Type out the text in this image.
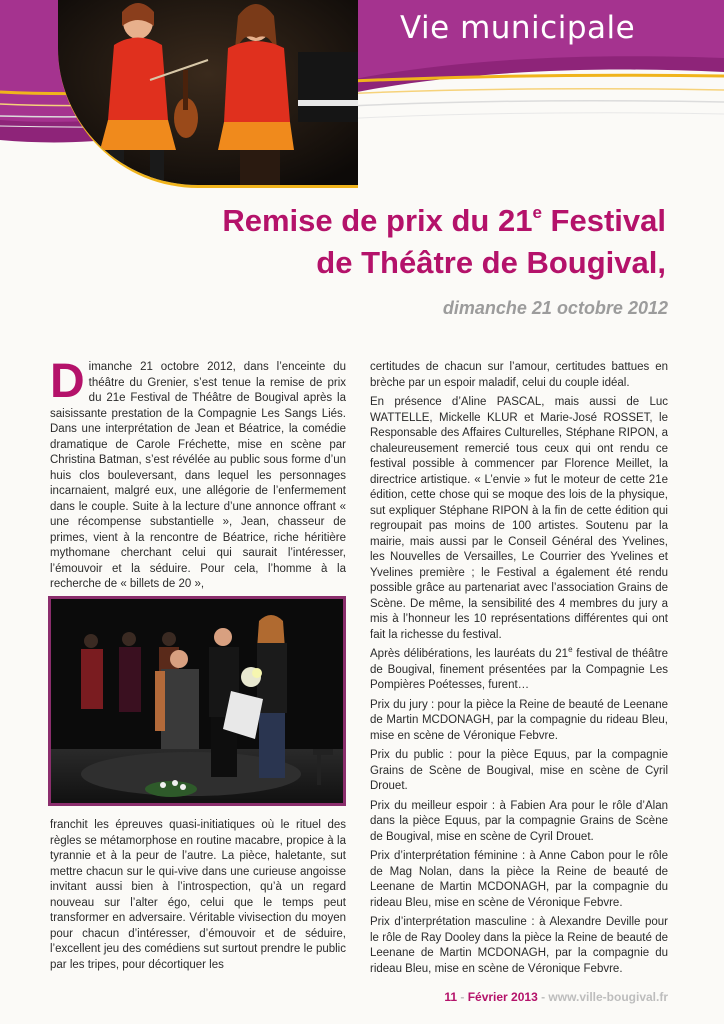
Vie municipale
Remise de prix du 21e Festival
de Théâtre de Bougival,
dimanche 21 octobre 2012

Dimanche 21 octobre 2012, dans l’enceinte du théâtre du Grenier, s’est tenue la remise de prix du 21e Festival de Théâtre de Bougival après la saisissante prestation de la Compagnie Les Sangs Liés. Dans une interprétation de Jean et Béatrice, la comédie dramatique de Carole Fréchette, mise en scène par Christina Batman, s’est révélée au public sous forme d’un huis clos bouleversant, dans lequel les personnages incarnaient, malgré eux, une allégorie de l’enfermement dans le couple. Suite à la lecture d’une annonce offrant « une récompense substantielle », Jean, chasseur de primes, vient à la rencontre de Béatrice, riche héritière mythomane cherchant celui qui saurait l’intéresser, l’émouvoir et la séduire. Pour cela, l’homme à la recherche de « billets de 20 »,

franchit les épreuves quasi-initiatiques où le rituel des règles se métamorphose en routine macabre, propice à la tyrannie et à la peur de l’autre. La pièce, haletante, sut mettre chacun sur le qui-vive dans une curieuse angoisse invitant aussi bien à l’introspection, qu’à un regard nouveau sur l’alter égo, celui que le temps peut transformer en adversaire. Véritable vivisection du moyen pour chacun d’intéresser, d’émouvoir et de séduire, l’excellent jeu des comédiens sut surtout prendre le public par les tripes, pour décortiquer les

certitudes de chacun sur l’amour, certitudes battues en brèche par un espoir maladif, celui du couple idéal.

En présence d’Aline PASCAL, mais aussi de Luc WATTELLE, Mickelle KLUR et Marie-José ROSSET, le Responsable des Affaires Culturelles, Stéphane RIPON, a chaleureusement remercié tous ceux qui ont rendu ce festival possible à commencer par Florence Meillet, la directrice artistique. « L’envie » fut le moteur de cette 21e édition, cette chose qui se moque des lois de la physique, sut expliquer Stéphane RIPON à la fin de cette édition qui regroupait pas moins de 100 artistes. Soutenu par la mairie, mais aussi par le Conseil Général des Yvelines, les Nouvelles de Versailles, Le Courrier des Yvelines et Yvelines première ; le Festival a également été rendu possible grâce au partenariat avec l’association Grains de Scène. De même, la sensibilité des 4 membres du jury a mis à l’honneur les 10 représentations différentes qui ont fait la richesse du festival.

Après délibérations, les lauréats du 21e festival de théâtre de Bougival, finement présentées par la Compagnie Les Pompières Poétesses, furent…

Prix du jury : pour la pièce la Reine de beauté de Leenane de Martin MCDONAGH, par la compagnie du rideau Bleu, mise en scène de Véronique Febvre.

Prix du public : pour la pièce Equus, par la compagnie Grains de Scène de Bougival, mise en scène de Cyril Drouet.

Prix du meilleur espoir : à Fabien Ara pour le rôle d’Alan dans la pièce Equus, par la compagnie Grains de Scène de Bougival, mise en scène de Cyril Drouet.

Prix d’interprétation féminine : à Anne Cabon pour le rôle de Mag Nolan, dans la pièce la Reine de beauté de Leenane de Martin MCDONAGH, par la compagnie du rideau Bleu, mise en scène de Véronique Febvre.

Prix d’interprétation masculine : à Alexandre Deville pour le rôle de Ray Dooley dans la pièce la Reine de beauté de Leenane de Martin MCDONAGH, par la compagnie du rideau Bleu, mise en scène de Véronique Febvre.

11 - Février 2013 - www.ville-bougival.fr
